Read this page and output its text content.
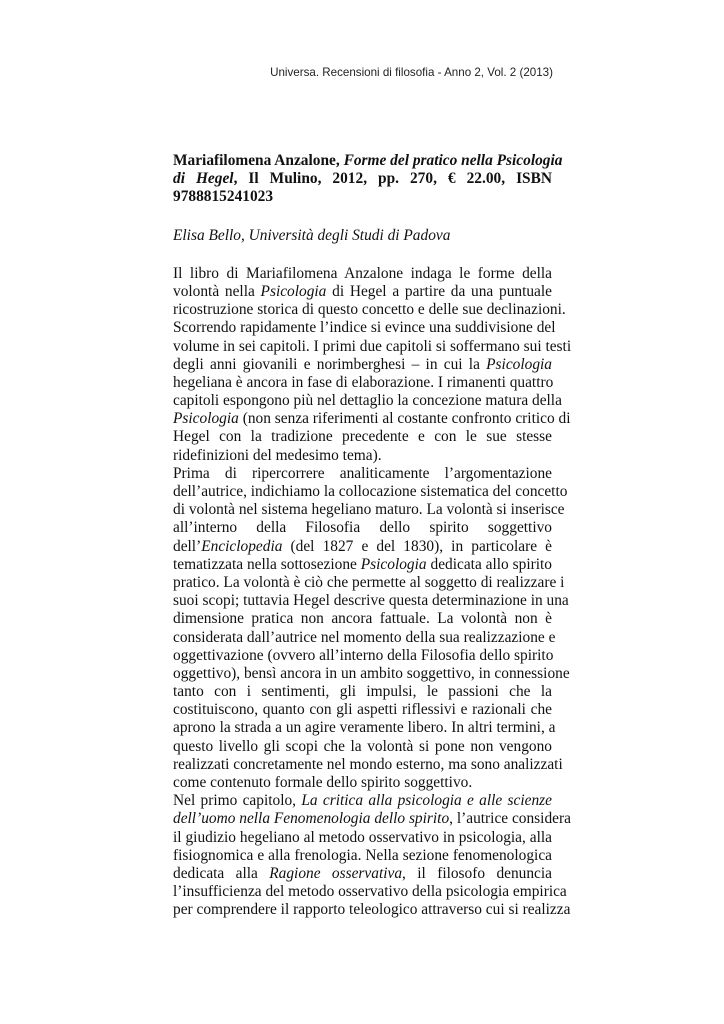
Universa. Recensioni di filosofia - Anno 2, Vol. 2 (2013)
Mariafilomena Anzalone, Forme del pratico nella Psicologia
di Hegel, Il Mulino, 2012, pp. 270, € 22.00, ISBN
9788815241023
Elisa Bello, Università degli Studi di Padova
Il libro di Mariafilomena Anzalone indaga le forme della
volontà nella Psicologia di Hegel a partire da una puntuale
ricostruzione storica di questo concetto e delle sue declinazioni.
Scorrendo rapidamente l’indice si evince una suddivisione del
volume in sei capitoli. I primi due capitoli si soffermano sui testi
degli anni giovanili e norimberghesi – in cui la Psicologia
hegeliana è ancora in fase di elaborazione. I rimanenti quattro
capitoli espongono più nel dettaglio la concezione matura della
Psicologia (non senza riferimenti al costante confronto critico di
Hegel con la tradizione precedente e con le sue stesse
ridefinizioni del medesimo tema).
Prima di ripercorrere analiticamente l’argomentazione
dell’autrice, indichiamo la collocazione sistematica del concetto
di volontà nel sistema hegeliano maturo. La volontà si inserisce
all’interno della Filosofia dello spirito soggettivo
dell’Enciclopedia (del 1827 e del 1830), in particolare è
tematizzata nella sottosezione Psicologia dedicata allo spirito
pratico. La volontà è ciò che permette al soggetto di realizzare i
suoi scopi; tuttavia Hegel descrive questa determinazione in una
dimensione pratica non ancora fattuale. La volontà non è
considerata dall’autrice nel momento della sua realizzazione e
oggettivazione (ovvero all’interno della Filosofia dello spirito
oggettivo), bensì ancora in un ambito soggettivo, in connessione
tanto con i sentimenti, gli impulsi, le passioni che la
costituiscono, quanto con gli aspetti riflessivi e razionali che
aprono la strada a un agire veramente libero. In altri termini, a
questo livello gli scopi che la volontà si pone non vengono
realizzati concretamente nel mondo esterno, ma sono analizzati
come contenuto formale dello spirito soggettivo.
Nel primo capitolo, La critica alla psicologia e alle scienze
dell’uomo nella Fenomenologia dello spirito, l’autrice considera
il giudizio hegeliano al metodo osservativo in psicologia, alla
fisiognomica e alla frenologia. Nella sezione fenomenologica
dedicata alla Ragione osservativa, il filosofo denuncia
l’insufficienza del metodo osservativo della psicologia empirica
per comprendere il rapporto teleologico attraverso cui si realizza
